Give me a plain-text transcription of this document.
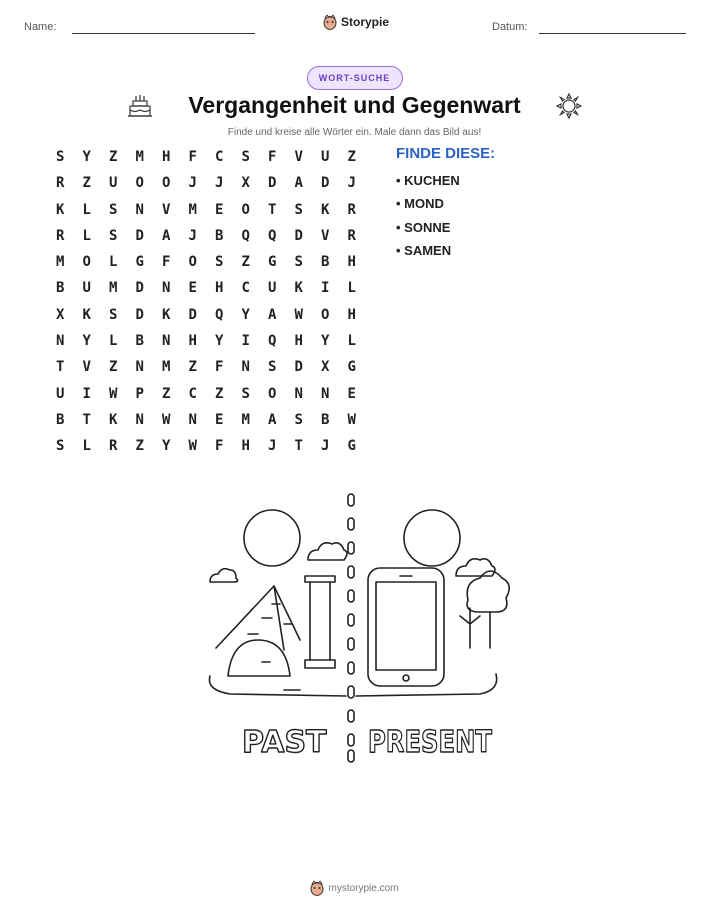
Name:	Storypie	Datum:
WORT-SUCHE
Vergangenheit und Gegenwart
Finde und kreise alle Wörter ein. Male dann das Bild aus!
S	Y	Z	M	H	F	C	S	F	V	U	Z
R	Z	U	O	O	J	J	X	D	A	D	J
K	L	S	N	V	M	E	O	T	S	K	R
R	L	S	D	A	J	B	Q	Q	D	V	R
M	O	L	G	F	O	S	Z	G	S	B	H
B	U	M	D	N	E	H	C	U	K	I	L
X	K	S	D	K	D	Q	Y	A	W	O	H
N	Y	L	B	N	H	Y	I	Q	H	Y	L
T	V	Z	N	M	Z	F	N	S	D	X	G
U	I	W	P	Z	C	Z	S	O	N	N	E
B	T	K	N	W	N	E	M	A	S	B	W
S	L	R	Z	Y	W	F	H	J	T	J	G
FINDE DIESE:
• KUCHEN
• MOND
• SONNE
• SAMEN
PAST PRESENT
mystorypie.com
